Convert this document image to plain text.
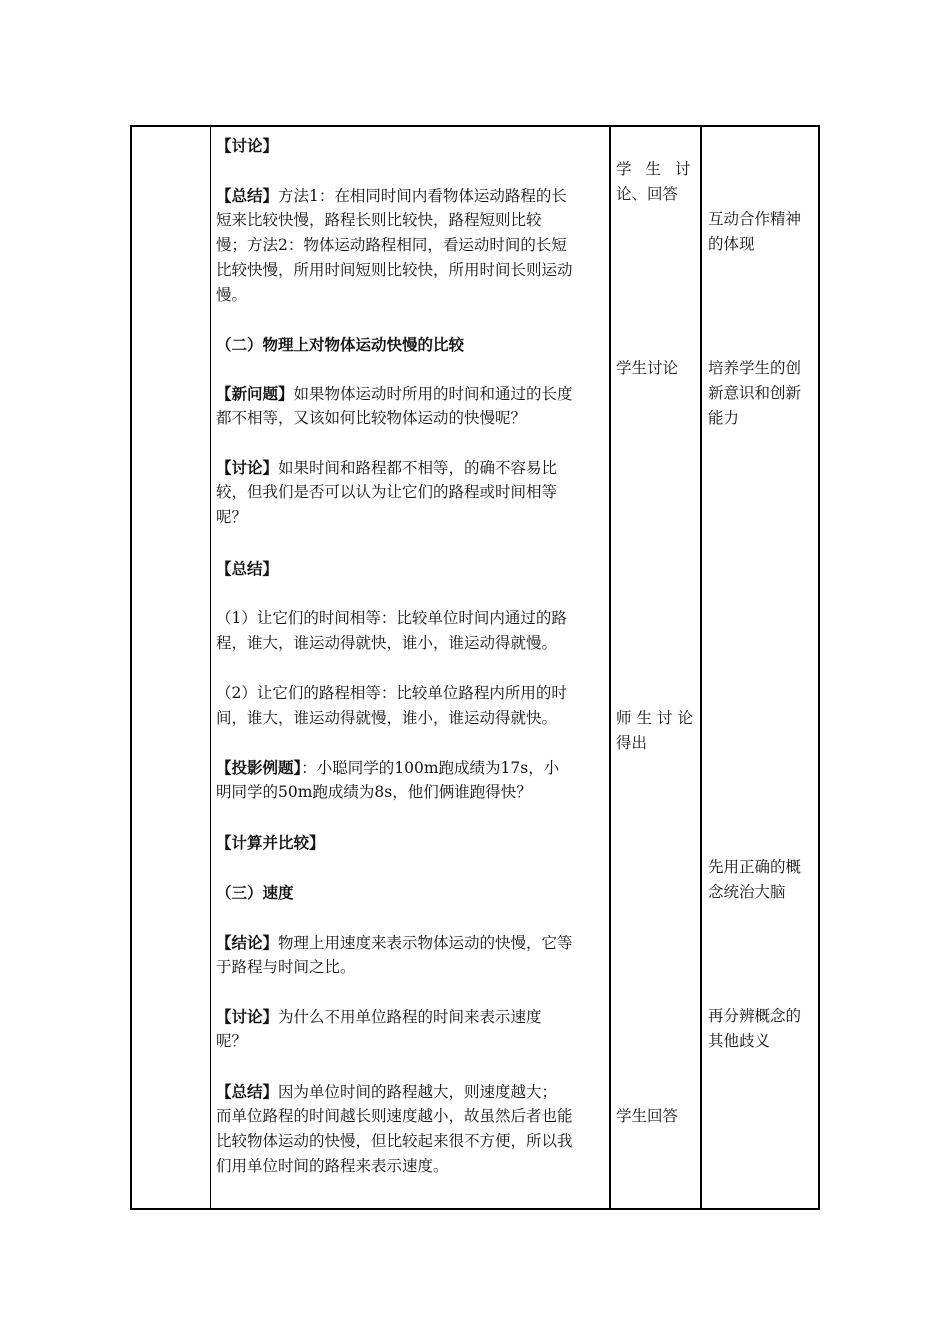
【讨论】
【总结】方法1：在相同时间内看物体运动路程的长
短来比较快慢，路程长则比较快，路程短则比较
慢；方法2：物体运动路程相同，看运动时间的长短
比较快慢，所用时间短则比较快，所用时间长则运动
慢。
（二）物理上对物体运动快慢的比较
【新问题】如果物体运动时所用的时间和通过的长度
都不相等，又该如何比较物体运动的快慢呢？
【讨论】如果时间和路程都不相等，的确不容易比
较，但我们是否可以认为让它们的路程或时间相等
呢？
【总结】
（1）让它们的时间相等：比较单位时间内通过的路
程，谁大，谁运动得就快，谁小，谁运动得就慢。
（2）让它们的路程相等：比较单位路程内所用的时
间，谁大，谁运动得就慢，谁小，谁运动得就快。
【投影例题】：小聪同学的100m跑成绩为17s，小
明同学的50m跑成绩为8s，他们俩谁跑得快？
【计算并比较】
（三）速度
【结论】物理上用速度来表示物体运动的快慢，它等
于路程与时间之比。
【讨论】为什么不用单位路程的时间来表示速度
呢？
【总结】因为单位时间的路程越大，则速度越大；
而单位路程的时间越长则速度越小，故虽然后者也能
比较物体运动的快慢，但比较起来很不方便，所以我
们用单位时间的路程来表示速度。
学生讨
论、回答
学生讨论
师生讨论
得出
学生回答
互动合作精神
的体现
培养学生的创
新意识和创新
能力
先用正确的概
念统治大脑
再分辨概念的
其他歧义
